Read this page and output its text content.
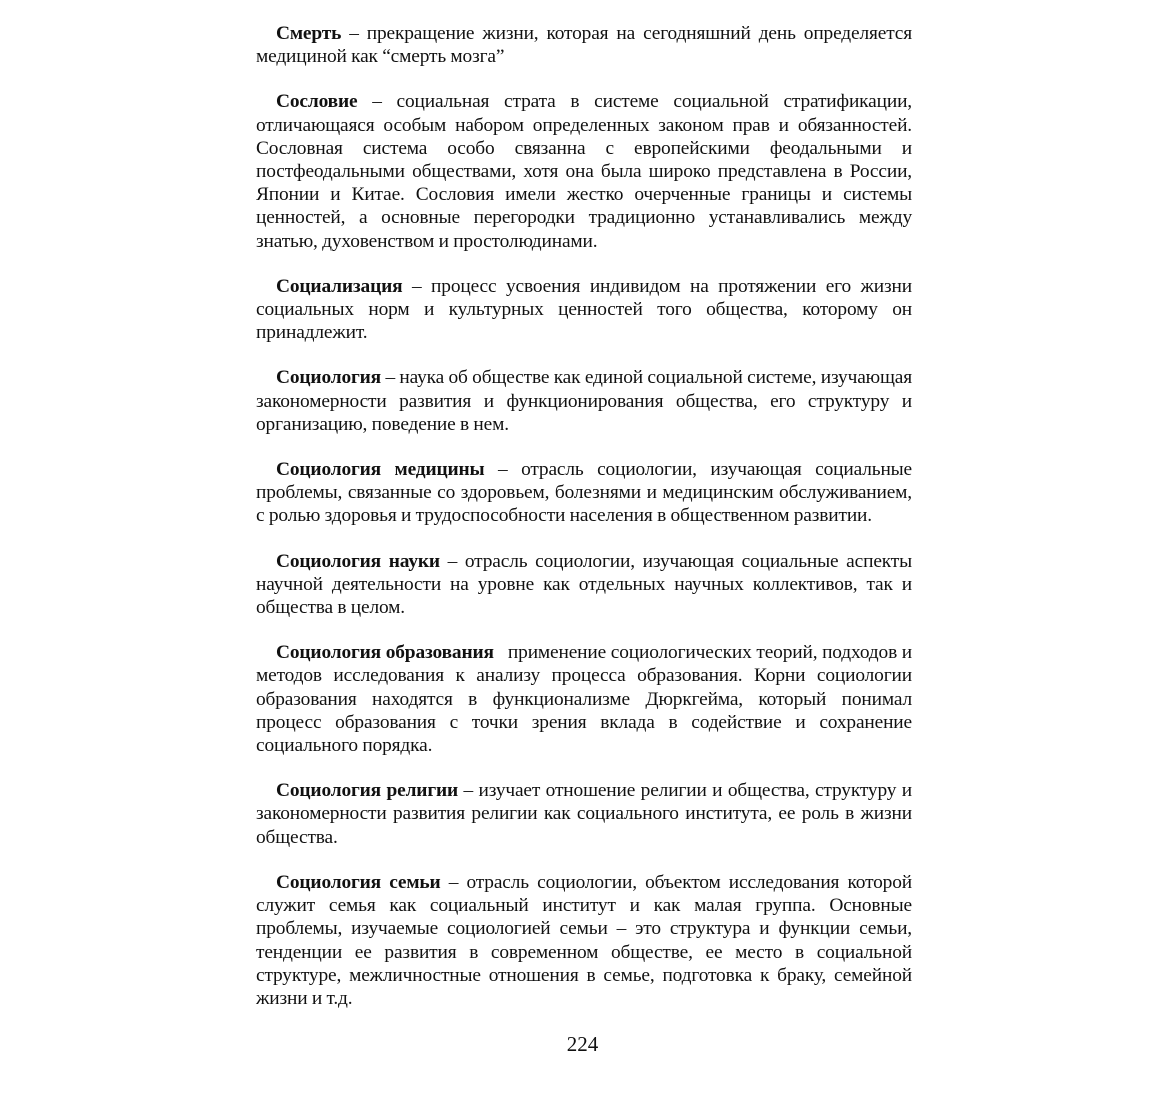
Смерть – прекращение жизни, которая на сегодняшний день определяется медициной как “смерть мозга”

Сословие – социальная страта в системе социальной стратификации, отличающаяся особым набором определенных законом прав и обязанностей. Сословная система особо связанна с европейскими феодальными и постфеодальными обществами, хотя она была широко представлена в России, Японии и Китае. Сословия имели жестко очерченные границы и системы ценностей, а основные перегородки традиционно устанавливались между знатью, духовенством и простолюдинами.

Социализация – процесс усвоения индивидом на протяжении его жизни социальных норм и культурных ценностей того общества, которому он принадлежит.

Социология – наука об обществе как единой социальной системе, изучающая закономерности развития и функционирования общества, его структуру и организацию, поведение в нем.

Социология медицины – отрасль социологии, изучающая социальные проблемы, связанные со здоровьем, болезнями и медицинским обслуживанием, с ролью здоровья и трудоспособности населения в общественном развитии.

Социология науки – отрасль социологии, изучающая социальные аспекты научной деятельности на уровне как отдельных научных коллективов, так и общества в целом.

Социология образования   применение социологических теорий, подходов и методов исследования к анализу процесса образования. Корни социологии образования находятся в функционализме Дюркгейма, который понимал процесс образования с точки зрения вклада в содействие и сохранение социального порядка.

Социология религии – изучает отношение религии и общества, структуру и закономерности развития религии как социального института, ее роль в жизни общества.

Социология семьи – отрасль социологии, объектом исследования которой служит семья как социальный институт и как малая группа. Основные проблемы, изучаемые социологией семьи – это структура и функции семьи, тенденции ее развития в современном обществе, ее место в социальной структуре, межличностные отношения в семье, подготовка к браку, семейной жизни и т.д.

224
